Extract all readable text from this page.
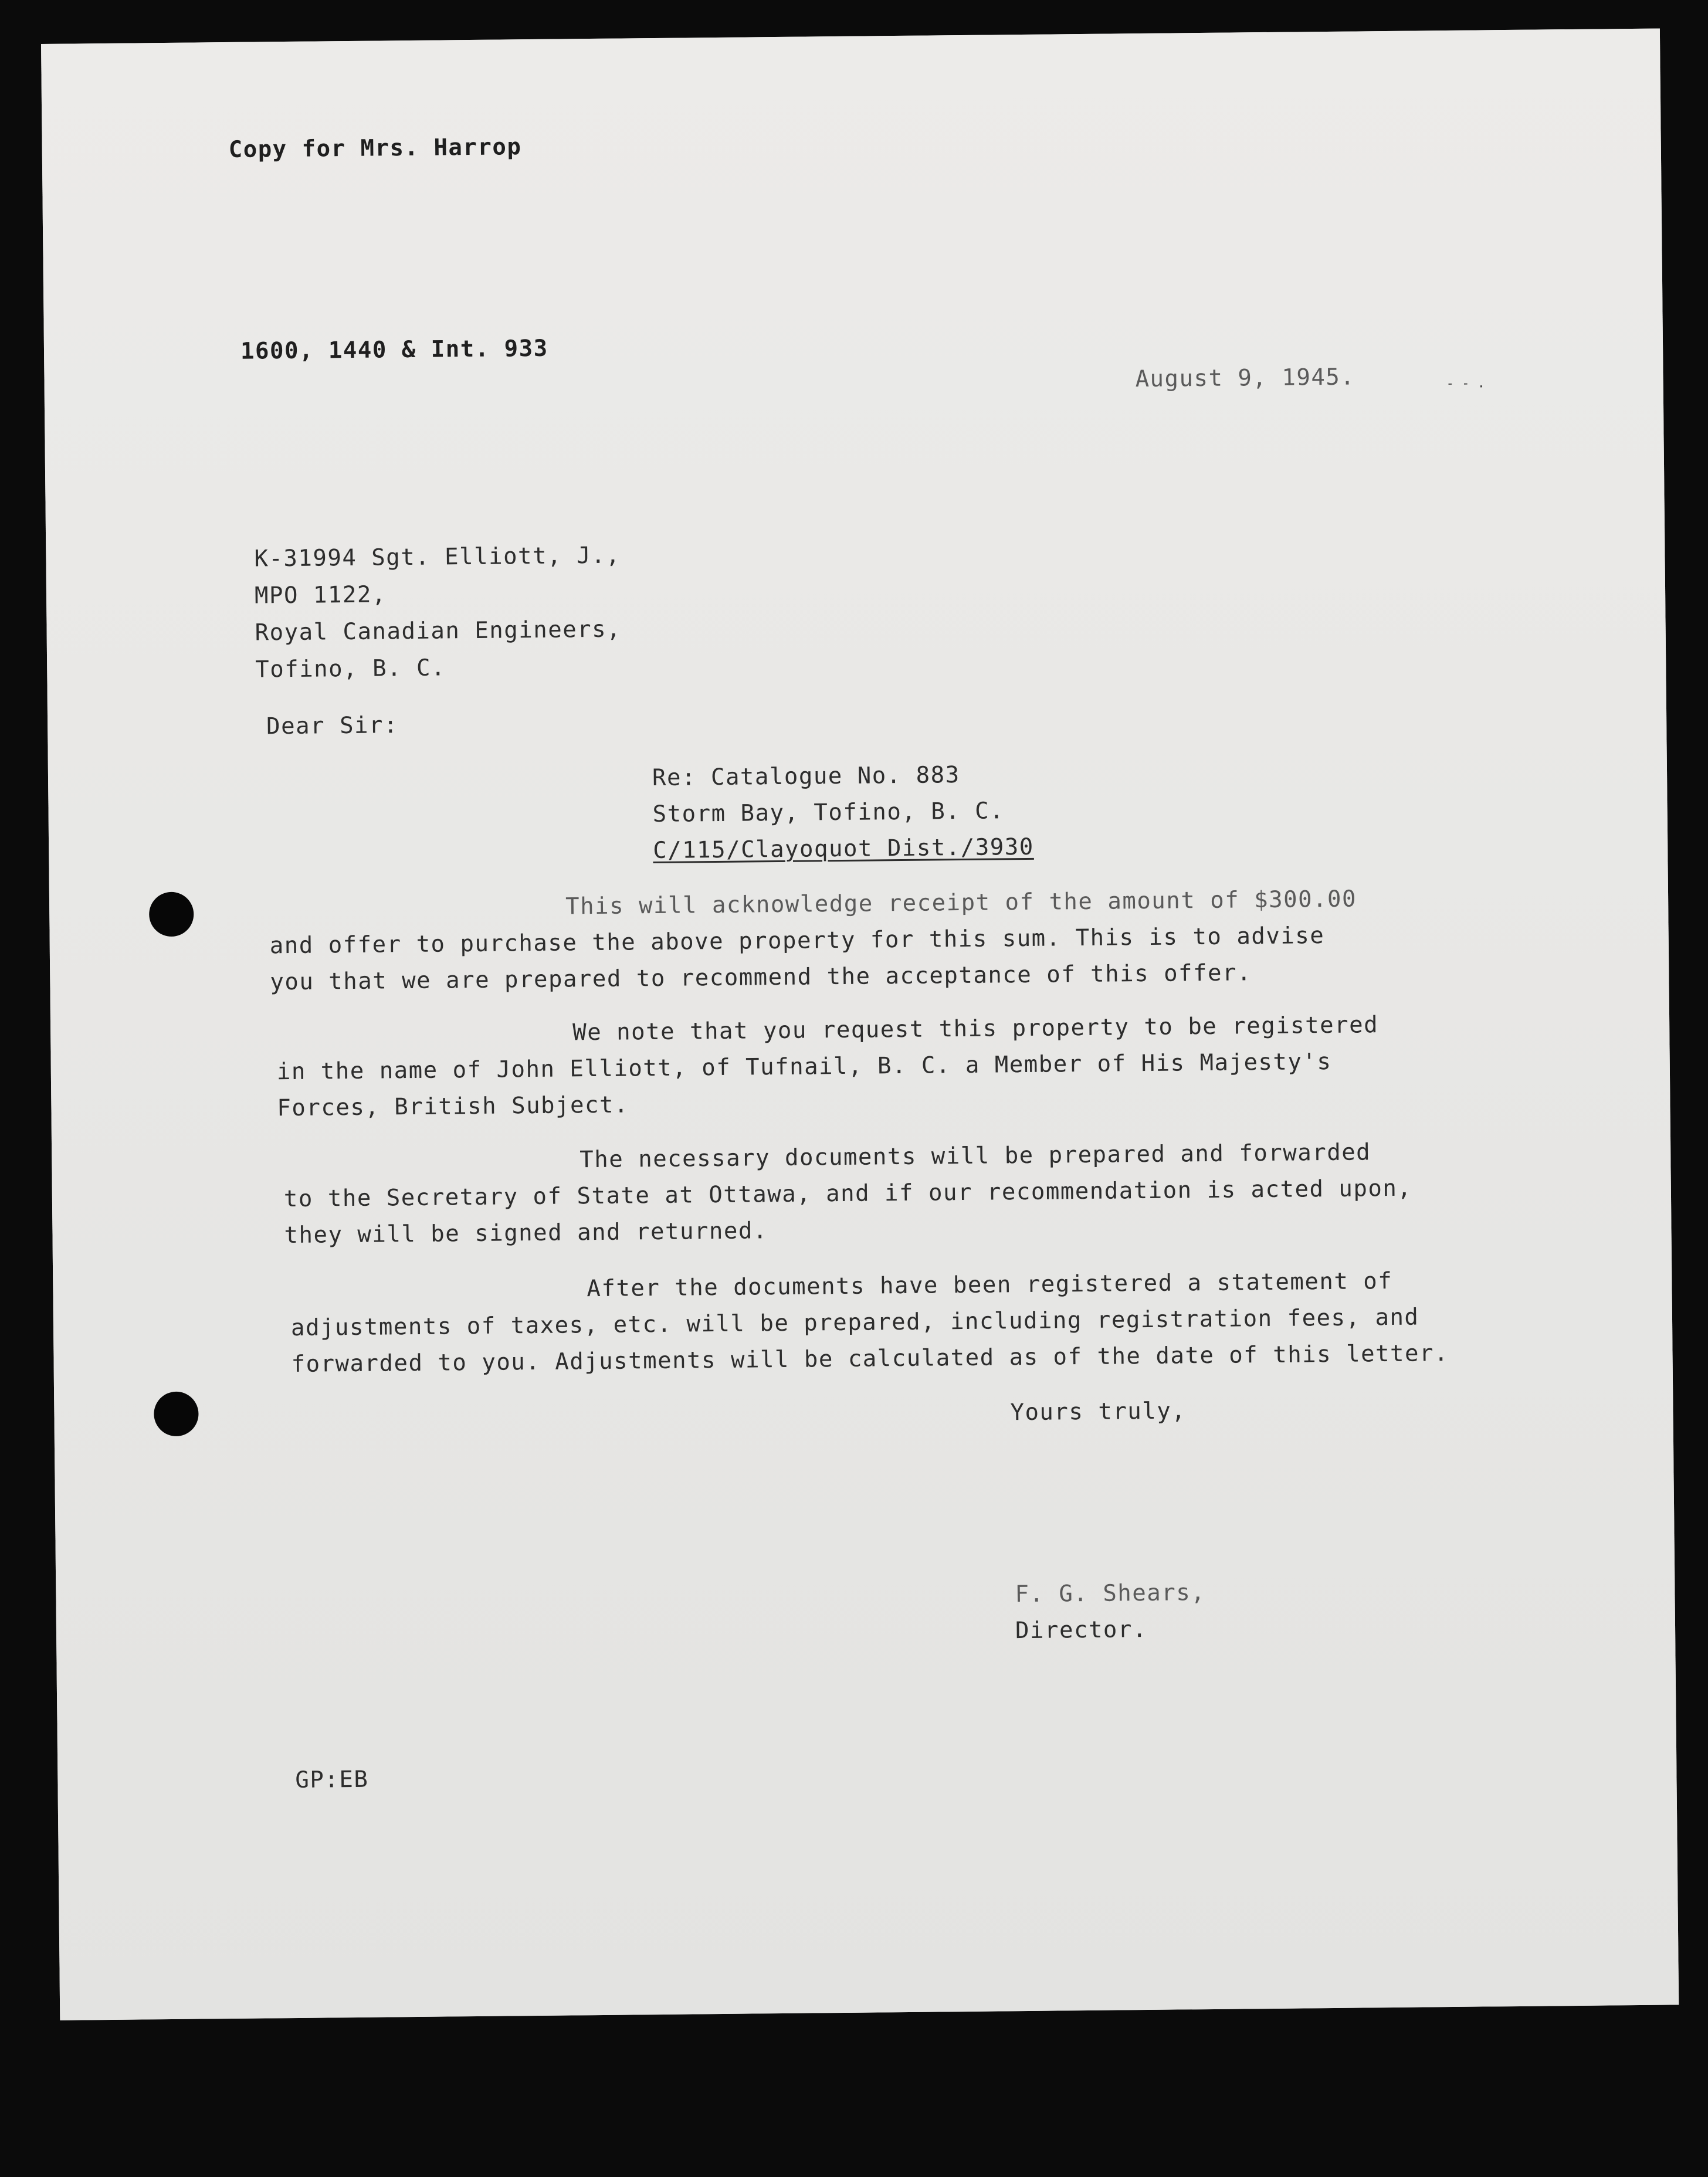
Copy for Mrs. Harrop
1600, 1440 & Int. 933
August 9, 1945.	- - .
K-31994 Sgt. Elliott, J.,
MPO 1122,
Royal Canadian Engineers,
Tofino, B. C.
Dear Sir:
Re: Catalogue No. 883
Storm Bay, Tofino, B. C.
C/115/Clayoquot Dist./3930
This will acknowledge receipt of the amount of $300.00
and offer to purchase the above property for this sum. This is to advise
you that we are prepared to recommend the acceptance of this offer.
We note that you request this property to be registered
in the name of John Elliott, of Tufnail, B. C. a Member of His Majesty's
Forces, British Subject.
The necessary documents will be prepared and forwarded
to the Secretary of State at Ottawa, and if our recommendation is acted upon,
they will be signed and returned.
After the documents have been registered a statement of
adjustments of taxes, etc. will be prepared, including registration fees, and
forwarded to you. Adjustments will be calculated as of the date of this letter.
Yours truly,
F. G. Shears,
Director.
GP:EB
